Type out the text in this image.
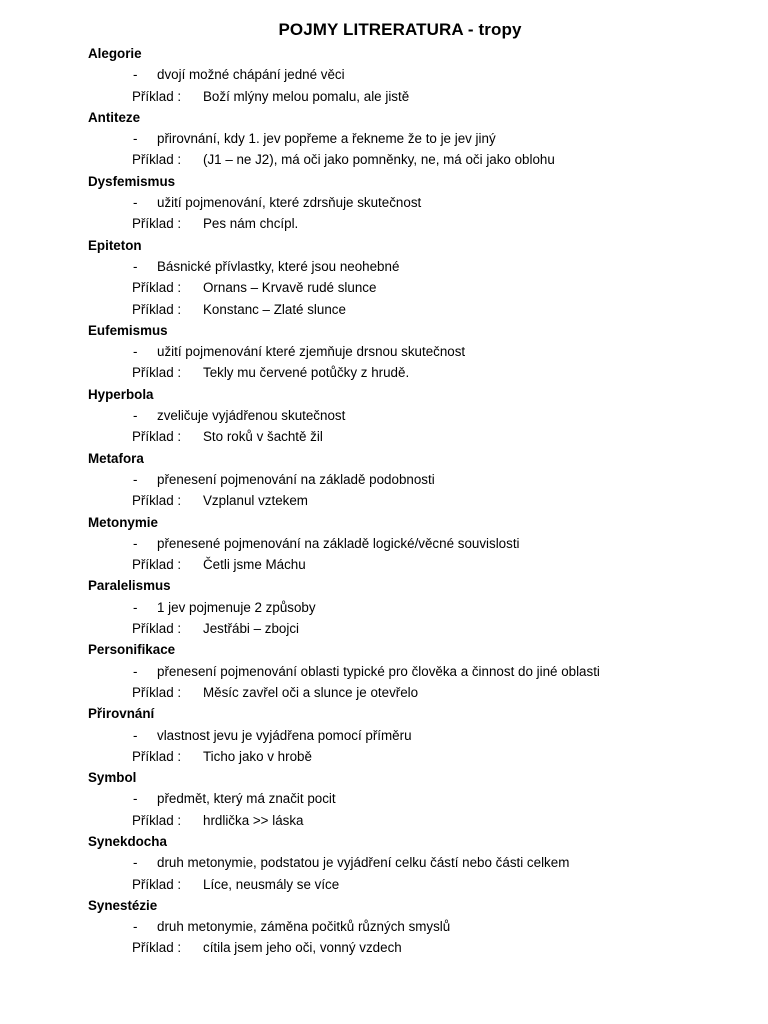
POJMY LITRERATURA - tropy
Alegorie
- dvojí možné chápání jedné věci
Příklad : Boží mlýny melou pomalu, ale jistě
Antiteze
- přirovnání, kdy 1. jev popřeme a řekneme že to je jev jiný
Příklad : (J1 – ne J2), má oči jako pomněnky, ne, má oči jako oblohu
Dysfemismus
- užití pojmenování, které zdrsňuje skutečnost
Příklad : Pes nám chcípl.
Epiteton
- Básnické přívlastky, které jsou neohebné
Příklad : Ornans – Krvavě rudé slunce
Příklad : Konstanc – Zlaté slunce
Eufemismus
- užití pojmenování které zjemňuje drsnou skutečnost
Příklad : Tekly mu červené potůčky z hrudě.
Hyperbola
- zveličuje vyjádřenou skutečnost
Příklad : Sto roků v šachtě žil
Metafora
- přenesení pojmenování na základě podobnosti
Příklad : Vzplanul vztekem
Metonymie
- přenesené pojmenování na základě logické/věcné souvislosti
Příklad : Četli jsme Máchu
Paralelismus
- 1 jev pojmenuje 2 způsoby
Příklad : Jestřábi – zbojci
Personifikace
- přenesení pojmenování oblasti typické pro člověka a činnost do jiné oblasti
Příklad : Měsíc zavřel oči a slunce je otevřelo
Přirovnání
- vlastnost jevu je vyjádřena pomocí příměru
Příklad : Ticho jako v hrobě
Symbol
- předmět, který má značit pocit
Příklad : hrdlička >> láska
Synekdocha
- druh metonymie, podstatou je vyjádření celku částí nebo části celkem
Příklad : Líce, neusmály se více
Synestézie
- druh metonymie, záměna počitků různých smyslů
Příklad : cítila jsem jeho oči, vonný vzdech
